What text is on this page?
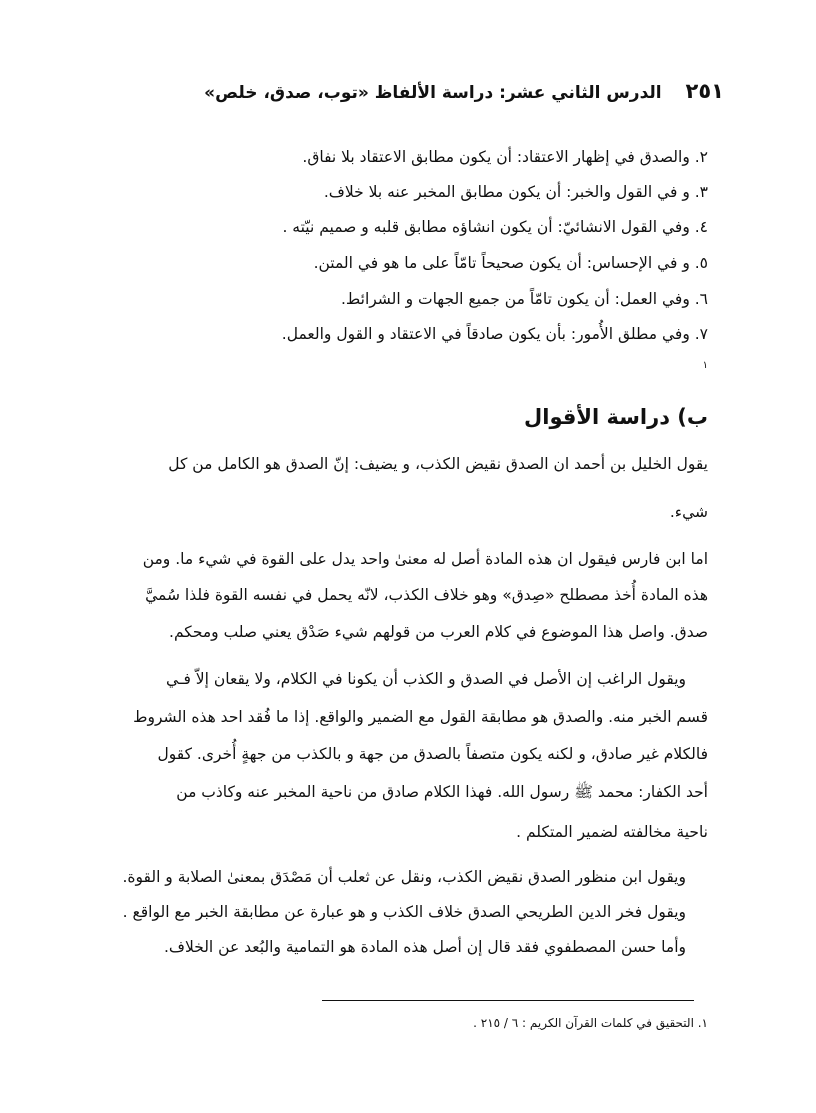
٢٥١ الدرس الثاني عشر: دراسة الألفاظ «توب، صدق، خلص»
٢. والصدق في إظهار الاعتقاد: أن يكون مطابق الاعتقاد بلا نفاق.
٣. و في القول والخبر: أن يكون مطابق المخبر عنه بلا خلاف.
٤. وفي القول الانشائيّ: أن يكون انشاؤه مطابق قلبه و صميم نيّته .
٥. و في الإحساس: أن يكون صحيحاً تامّاً على ما هو في المتن.
٦. وفي العمل: أن يكون تامّاً من جميع الجهات و الشرائط.
٧. وفي مطلق الأُمور: بأن يكون صادقاً في الاعتقاد و القول والعمل.
$^١$
ب) دراسة الأقوال
يقول الخليل بن أحمد ان الصدق نقيض الكذب، و يضيف: إنّ الصدق هو الكامل من كل
شيء.
اما ابن فارس فيقول ان هذه المادة أصل له معنىٰ واحد يدل على القوة في شيء ما. ومن
هذه المادة أُخذ مصطلح «صِدق» وهو خلاف الكذب، لانّه يحمل في نفسه القوة فلذا سُميَّ
صدق. واصل هذا الموضوع في كلام العرب من قولهم شيء صَدْق يعني صلب ومحكم.
ويقول الراغب إن الأصل في الصدق و الكذب أن يكونا في الكلام، ولا يقعان إلاّ فـي
قسم الخبر منه. والصدق هو مطابقة القول مع الضمير والواقع. إذا ما فُقد احد هذه الشروط
فالكلام غير صادق، و لكنه يكون متصفاً بالصدق من جهة و بالكذب من جهةٍ أُخرى. كقول
أحد الكفار: محمد ﷺ رسول الله. فهذا الكلام صادق من ناحية المخبر عنه وكاذب من
ناحية مخالفته لضمير المتكلم .
ويقول ابن منظور الصدق نقيض الكذب، ونقل عن ثعلب أن مَصْدَق بمعنىٰ الصلابة و القوة.
ويقول فخر الدين الطريحي الصدق خلاف الكذب و هو عبارة عن مطابقة الخبر مع الواقع .
وأما حسن المصطفوي فقد قال إن أصل هذه المادة هو التمامية والبُعد عن الخلاف.
١. التحقيق في كلمات القرآن الكريم : ٦ / ٢١٥ .
